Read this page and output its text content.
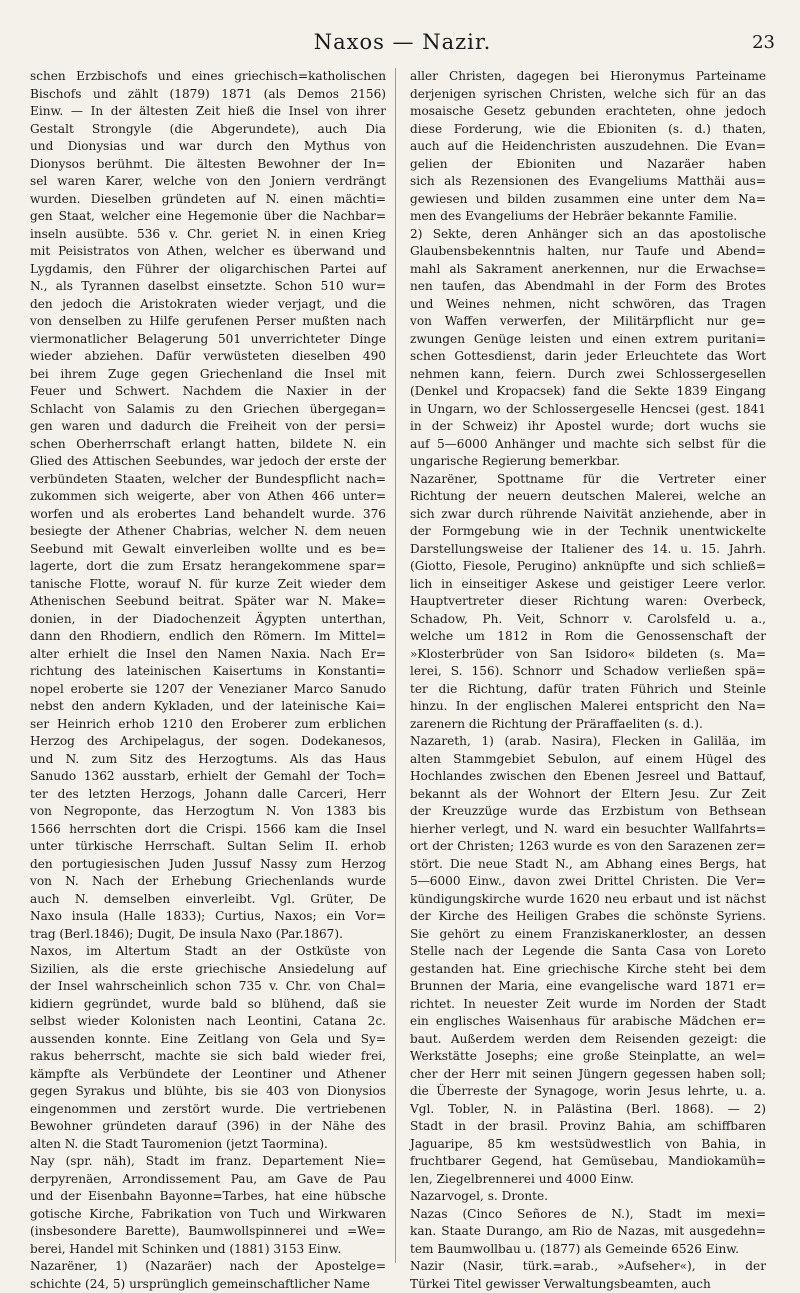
Naxos — Nazir.	23
schen Erzbischofs und eines griechisch=katholischen
Bischofs und zählt (1879) 1871 (als Demos 2156)
Einw. — In der ältesten Zeit hieß die Insel von ihrer
Gestalt Strongyle (die Abgerundete), auch Dia
und Dionysias und war durch den Mythus von
Dionysos berühmt. Die ältesten Bewohner der In=
sel waren Karer, welche von den Joniern verdrängt
wurden. Dieselben gründeten auf N. einen mächti=
gen Staat, welcher eine Hegemonie über die Nachbar=
inseln ausübte. 536 v. Chr. geriet N. in einen Krieg
mit Peisistratos von Athen, welcher es überwand und
Lygdamis, den Führer der oligarchischen Partei auf
N., als Tyrannen daselbst einsetzte. Schon 510 wur=
den jedoch die Aristokraten wieder verjagt, und die
von denselben zu Hilfe gerufenen Perser mußten nach
viermonatlicher Belagerung 501 unverrichteter Dinge
wieder abziehen. Dafür verwüsteten dieselben 490
bei ihrem Zuge gegen Griechenland die Insel mit
Feuer und Schwert. Nachdem die Naxier in der
Schlacht von Salamis zu den Griechen übergegan=
gen waren und dadurch die Freiheit von der persi=
schen Oberherrschaft erlangt hatten, bildete N. ein
Glied des Attischen Seebundes, war jedoch der erste der
verbündeten Staaten, welcher der Bundespflicht nach=
zukommen sich weigerte, aber von Athen 466 unter=
worfen und als erobertes Land behandelt wurde. 376
besiegte der Athener Chabrias, welcher N. dem neuen
Seebund mit Gewalt einverleiben wollte und es be=
lagerte, dort die zum Ersatz herangekommene spar=
tanische Flotte, worauf N. für kurze Zeit wieder dem
Athenischen Seebund beitrat. Später war N. Make=
donien, in der Diadochenzeit Ägypten unterthan,
dann den Rhodiern, endlich den Römern. Im Mittel=
alter erhielt die Insel den Namen Naxia. Nach Er=
richtung des lateinischen Kaisertums in Konstanti=
nopel eroberte sie 1207 der Venezianer Marco Sanudo
nebst den andern Kykladen, und der lateinische Kai=
ser Heinrich erhob 1210 den Eroberer zum erblichen
Herzog des Archipelagus, der sogen. Dodekanesos,
und N. zum Sitz des Herzogtums. Als das Haus
Sanudo 1362 ausstarb, erhielt der Gemahl der Toch=
ter des letzten Herzogs, Johann dalle Carceri, Herr
von Negroponte, das Herzogtum N. Von 1383 bis
1566 herrschten dort die Crispi. 1566 kam die Insel
unter türkische Herrschaft. Sultan Selim II. erhob
den portugiesischen Juden Jussuf Nassy zum Herzog
von N. Nach der Erhebung Griechenlands wurde
auch N. demselben einverleibt. Vgl. Grüter, De
Naxo insula (Halle 1833); Curtius, Naxos; ein Vor=
trag (Berl.1846); Dugit, De insula Naxo (Par.1867).
Naxos, im Altertum Stadt an der Ostküste von
Sizilien, als die erste griechische Ansiedelung auf
der Insel wahrscheinlich schon 735 v. Chr. von Chal=
kidiern gegründet, wurde bald so blühend, daß sie
selbst wieder Kolonisten nach Leontini, Catana 2c.
aussenden konnte. Eine Zeitlang von Gela und Sy=
rakus beherrscht, machte sie sich bald wieder frei,
kämpfte als Verbündete der Leontiner und Athener
gegen Syrakus und blühte, bis sie 403 von Dionysios
eingenommen und zerstört wurde. Die vertriebenen
Bewohner gründeten darauf (396) in der Nähe des
alten N. die Stadt Tauromenion (jetzt Taormina).
Nay (spr. näh), Stadt im franz. Departement Nie=
derpyrenäen, Arrondissement Pau, am Gave de Pau
und der Eisenbahn Bayonne=Tarbes, hat eine hübsche
gotische Kirche, Fabrikation von Tuch und Wirkwaren
(insbesondere Barette), Baumwollspinnerei und =We=
berei, Handel mit Schinken und (1881) 3153 Einw.
Nazarëner, 1) (Nazaräer) nach der Apostelge=
schichte (24, 5) ursprünglich gemeinschaftlicher Name
aller Christen, dagegen bei Hieronymus Parteiname
derjenigen syrischen Christen, welche sich für an das
mosaische Gesetz gebunden erachteten, ohne jedoch
diese Forderung, wie die Ebioniten (s. d.) thaten,
auch auf die Heidenchristen auszudehnen. Die Evan=
gelien der Ebioniten und Nazaräer haben
sich als Rezensionen des Evangeliums Matthäi aus=
gewiesen und bilden zusammen eine unter dem Na=
men des Evangeliums der Hebräer bekannte Familie.
2) Sekte, deren Anhänger sich an das apostolische
Glaubensbekenntnis halten, nur Taufe und Abend=
mahl als Sakrament anerkennen, nur die Erwachse=
nen taufen, das Abendmahl in der Form des Brotes
und Weines nehmen, nicht schwören, das Tragen
von Waffen verwerfen, der Militärpflicht nur ge=
zwungen Genüge leisten und einen extrem puritani=
schen Gottesdienst, darin jeder Erleuchtete das Wort
nehmen kann, feiern. Durch zwei Schlossergesellen
(Denkel und Kropacsek) fand die Sekte 1839 Eingang
in Ungarn, wo der Schlossergeselle Hencsei (gest. 1841
in der Schweiz) ihr Apostel wurde; dort wuchs sie
auf 5—6000 Anhänger und machte sich selbst für die
ungarische Regierung bemerkbar.
Nazarëner, Spottname für die Vertreter einer
Richtung der neuern deutschen Malerei, welche an
sich zwar durch rührende Naivität anziehende, aber in
der Formgebung wie in der Technik unentwickelte
Darstellungsweise der Italiener des 14. u. 15. Jahrh.
(Giotto, Fiesole, Perugino) anknüpfte und sich schließ=
lich in einseitiger Askese und geistiger Leere verlor.
Hauptvertreter dieser Richtung waren: Overbeck,
Schadow, Ph. Veit, Schnorr v. Carolsfeld u. a.,
welche um 1812 in Rom die Genossenschaft der
»Klosterbrüder von San Isidoro« bildeten (s. Ma=
lerei, S. 156). Schnorr und Schadow verließen spä=
ter die Richtung, dafür traten Führich und Steinle
hinzu. In der englischen Malerei entspricht den Na=
zarenern die Richtung der Präraffaeliten (s. d.).
Nazareth, 1) (arab. Nasira), Flecken in Galiläa, im
alten Stammgebiet Sebulon, auf einem Hügel des
Hochlandes zwischen den Ebenen Jesreel und Battauf,
bekannt als der Wohnort der Eltern Jesu. Zur Zeit
der Kreuzzüge wurde das Erzbistum von Bethsean
hierher verlegt, und N. ward ein besuchter Wallfahrts=
ort der Christen; 1263 wurde es von den Sarazenen zer=
stört. Die neue Stadt N., am Abhang eines Bergs, hat
5—6000 Einw., davon zwei Drittel Christen. Die Ver=
kündigungskirche wurde 1620 neu erbaut und ist nächst
der Kirche des Heiligen Grabes die schönste Syriens.
Sie gehört zu einem Franziskanerkloster, an dessen
Stelle nach der Legende die Santa Casa von Loreto
gestanden hat. Eine griechische Kirche steht bei dem
Brunnen der Maria, eine evangelische ward 1871 er=
richtet. In neuester Zeit wurde im Norden der Stadt
ein englisches Waisenhaus für arabische Mädchen er=
baut. Außerdem werden dem Reisenden gezeigt: die
Werkstätte Josephs; eine große Steinplatte, an wel=
cher der Herr mit seinen Jüngern gegessen haben soll;
die Überreste der Synagoge, worin Jesus lehrte, u. a.
Vgl. Tobler, N. in Palästina (Berl. 1868). — 2)
Stadt in der brasil. Provinz Bahia, am schiffbaren
Jaguaripe, 85 km westsüdwestlich von Bahia, in
fruchtbarer Gegend, hat Gemüsebau, Mandiokamüh=
len, Ziegelbrennerei und 4000 Einw.
Nazarvogel, s. Dronte.
Nazas (Cinco Señores de N.), Stadt im mexi=
kan. Staate Durango, am Rio de Nazas, mit ausgedehn=
tem Baumwollbau u. (1877) als Gemeinde 6526 Einw.
Nazir (Nasir, türk.=arab., »Aufseher«), in der
Türkei Titel gewisser Verwaltungsbeamten, auch
